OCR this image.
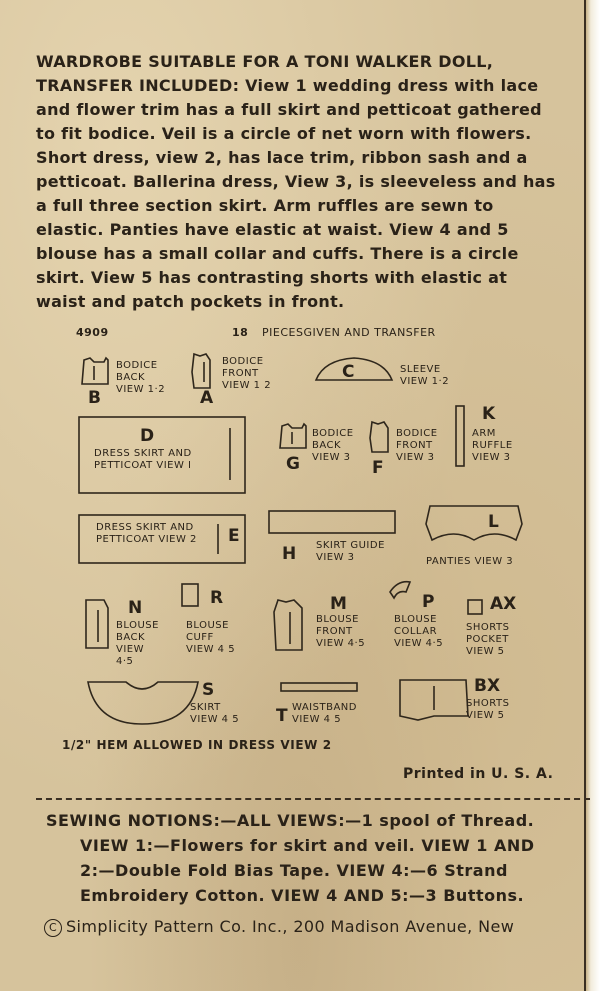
WARDROBE SUITABLE FOR A TONI WALKER DOLL, TRANSFER INCLUDED: View 1 wedding dress with lace and flower trim has a full skirt and petticoat gathered to fit bodice. Veil is a circle of net worn with flowers. Short dress, view 2, has lace trim, ribbon sash and a petticoat. Ballerina dress, View 3, is sleeveless and has a full three section skirt. Arm ruffles are sewn to elastic. Panties have elastic at waist. View 4 and 5 blouse has a small collar and cuffs. There is a circle skirt. View 5 has contrasting shorts with elastic at waist and patch pockets in front.
4909	18 PIECESGIVEN AND TRANSFER
BODICE BACK VIEW 1·2
B
BODICE FRONT VIEW 1 2
A
C	SLEEVE VIEW 1·2
D
DRESS SKIRT AND PETTICOAT VIEW I
BODICE BACK VIEW 3
G
BODICE FRONT VIEW 3
F
K
ARM RUFFLE VIEW 3
DRESS SKIRT AND PETTICOAT VIEW 2	E
H SKIRT GUIDE VIEW 3
L
PANTIES VIEW 3
N
BLOUSE BACK VIEW 4·5
R
BLOUSE CUFF VIEW 4 5
M
BLOUSE FRONT VIEW 4·5
P
BLOUSE COLLAR VIEW 4·5
AX
SHORTS POCKET VIEW 5
S
SKIRT VIEW 4 5 T WAISTBAND VIEW 4 5
BX
SHORTS VIEW 5
1/2" HEM ALLOWED IN DRESS VIEW 2
Printed in U. S. A.
SEWING NOTIONS:—ALL VIEWS:—1 spool of Thread.
VIEW 1:—Flowers for skirt and veil. VIEW 1 AND
2:—Double Fold Bias Tape. VIEW 4:—6 Strand
Embroidery Cotton. VIEW 4 AND 5:—3 Buttons.
C Simplicity Pattern Co. Inc., 200 Madison Avenue, New
